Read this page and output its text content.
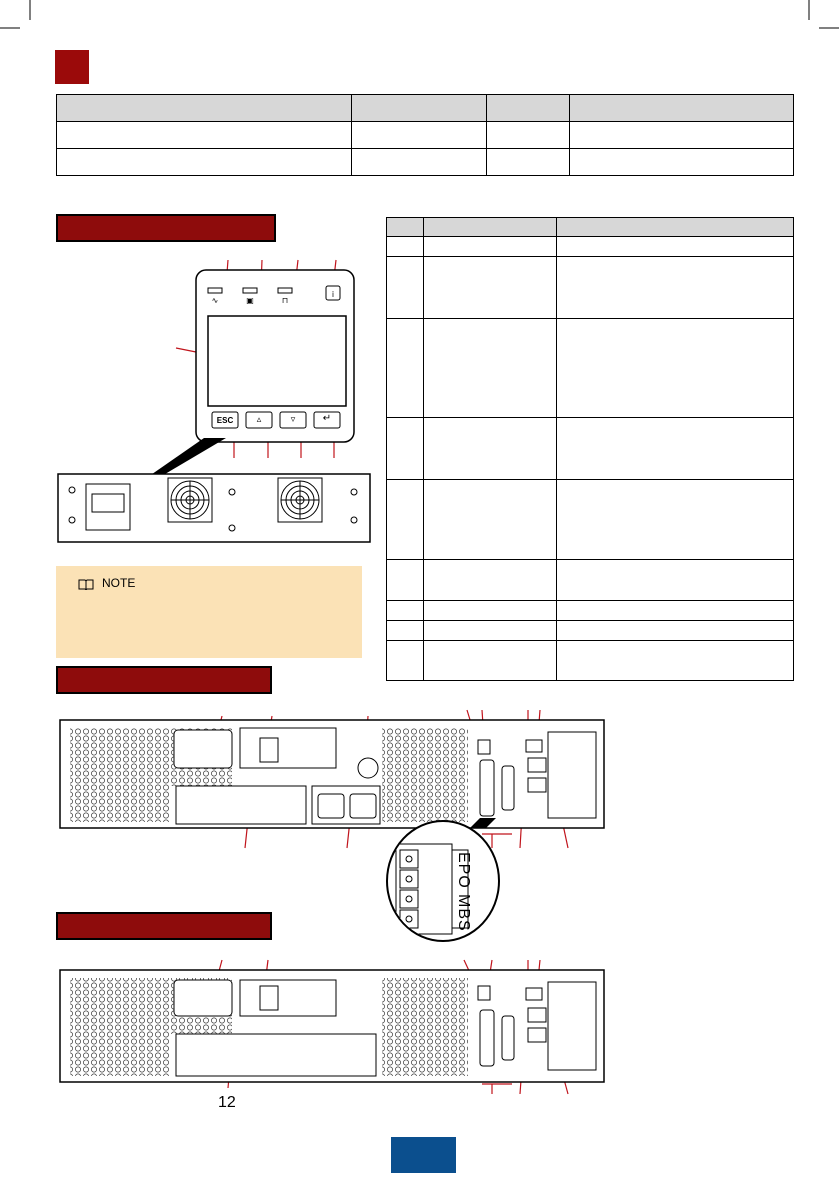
∿	▣	⊓
i
ESC	▵	▿	↵
NOTE

EPO
MBS
12
